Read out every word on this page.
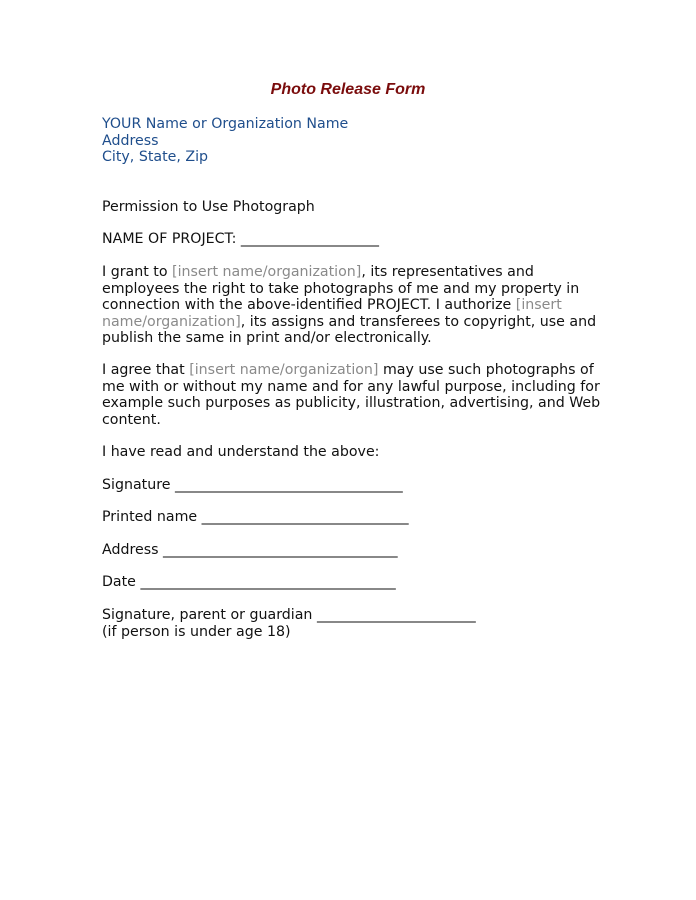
Photo Release Form
YOUR Name or Organization Name
Address
City, State, Zip
Permission to Use Photograph
NAME OF PROJECT: ____________________
I grant to [insert name/organization], its representatives and
employees the right to take photographs of me and my property in
connection with the above-identified PROJECT. I authorize [insert
name/organization], its assigns and transferees to copyright, use and
publish the same in print and/or electronically.
I agree that [insert name/organization] may use such photographs of
me with or without my name and for any lawful purpose, including for
example such purposes as publicity, illustration, advertising, and Web
content.
I have read and understand the above:
Signature _________________________________
Printed name ______________________________
Address __________________________________
Date _____________________________________
Signature, parent or guardian _______________________
(if person is under age 18)
